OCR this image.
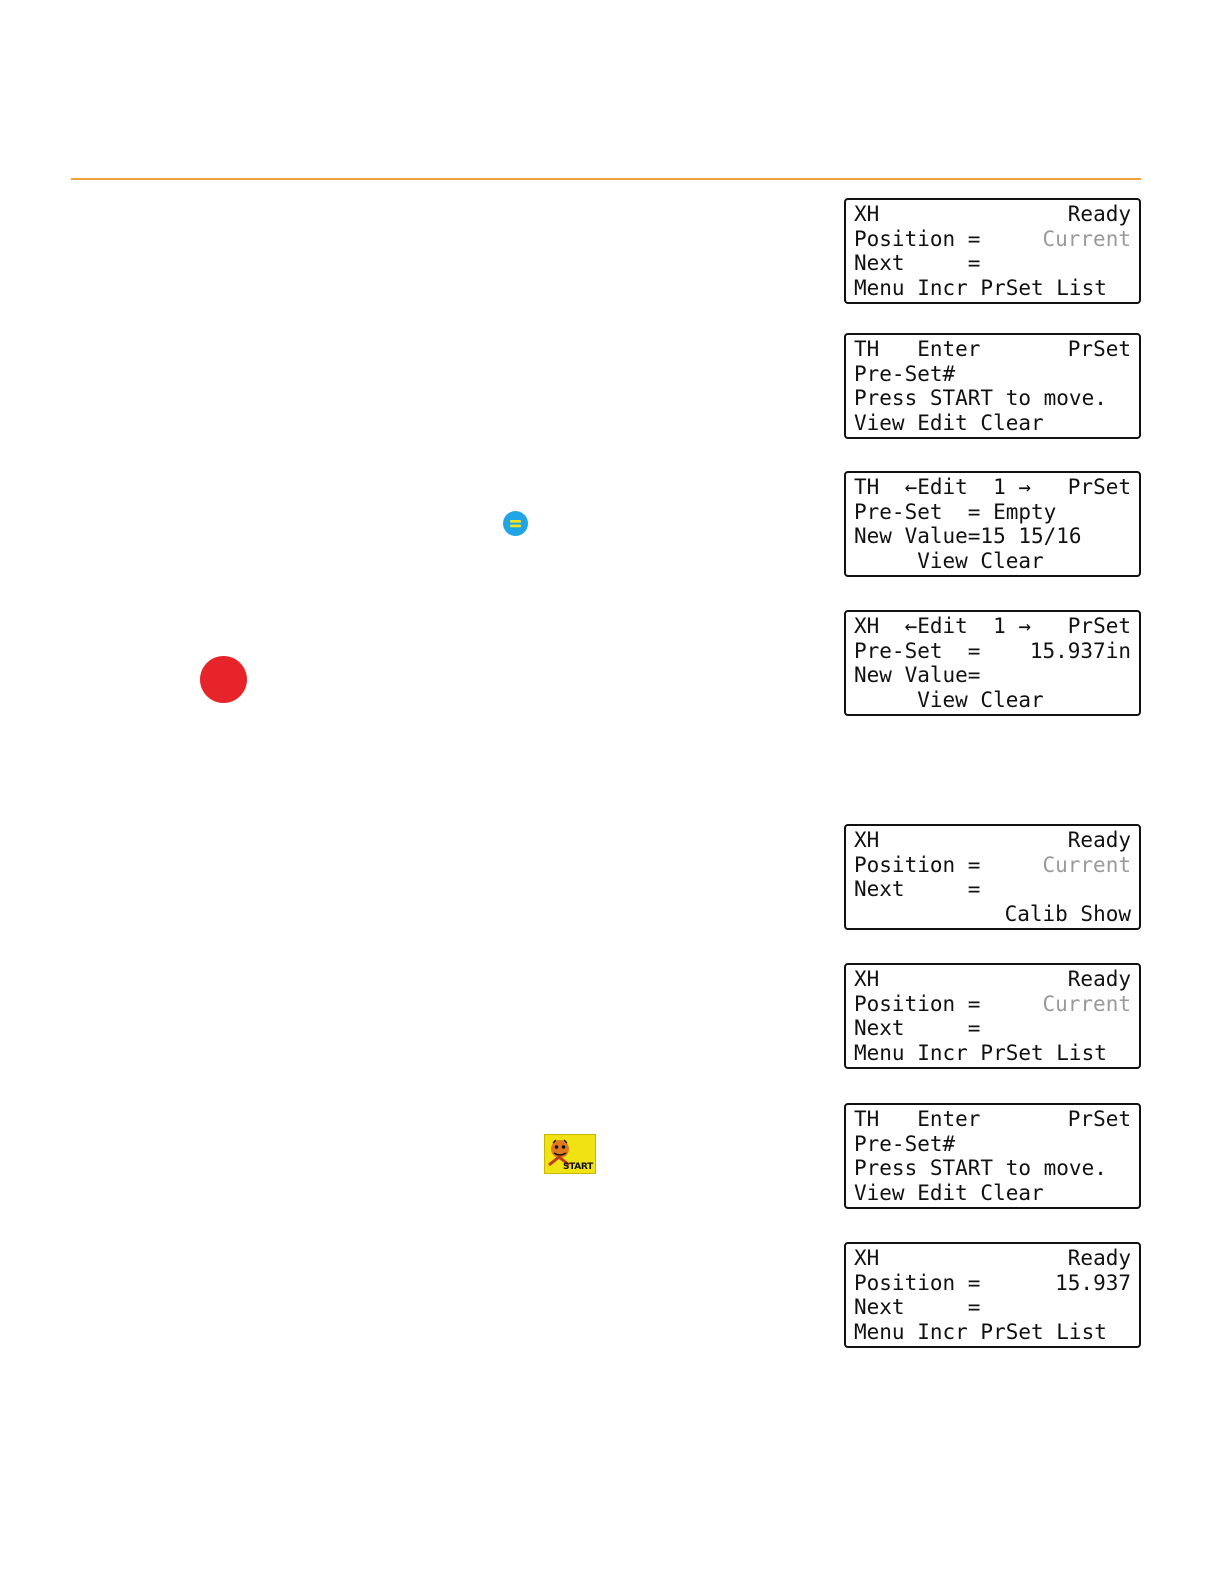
XH	Ready
Position =	Current
Next     =
Menu Incr PrSet List
TH   Enter	PrSet
Pre-Set#
Press START to move.
View Edit Clear
TH  ←Edit  1 → PrSet
Pre-Set  = Empty
New Value=15 15/16
View Clear
XH  ←Edit  1 → PrSet
Pre-Set  = 15.937in
New Value=
View Clear
XH	Ready
Position =	Current
Next     =
Calib Show
XH	Ready
Position =	Current
Next     =
Menu Incr PrSet List
TH   Enter	PrSet
Pre-Set#
Press START to move.
View Edit Clear
XH	Ready
Position =	15.937
Next     =
Menu Incr PrSet List
START
